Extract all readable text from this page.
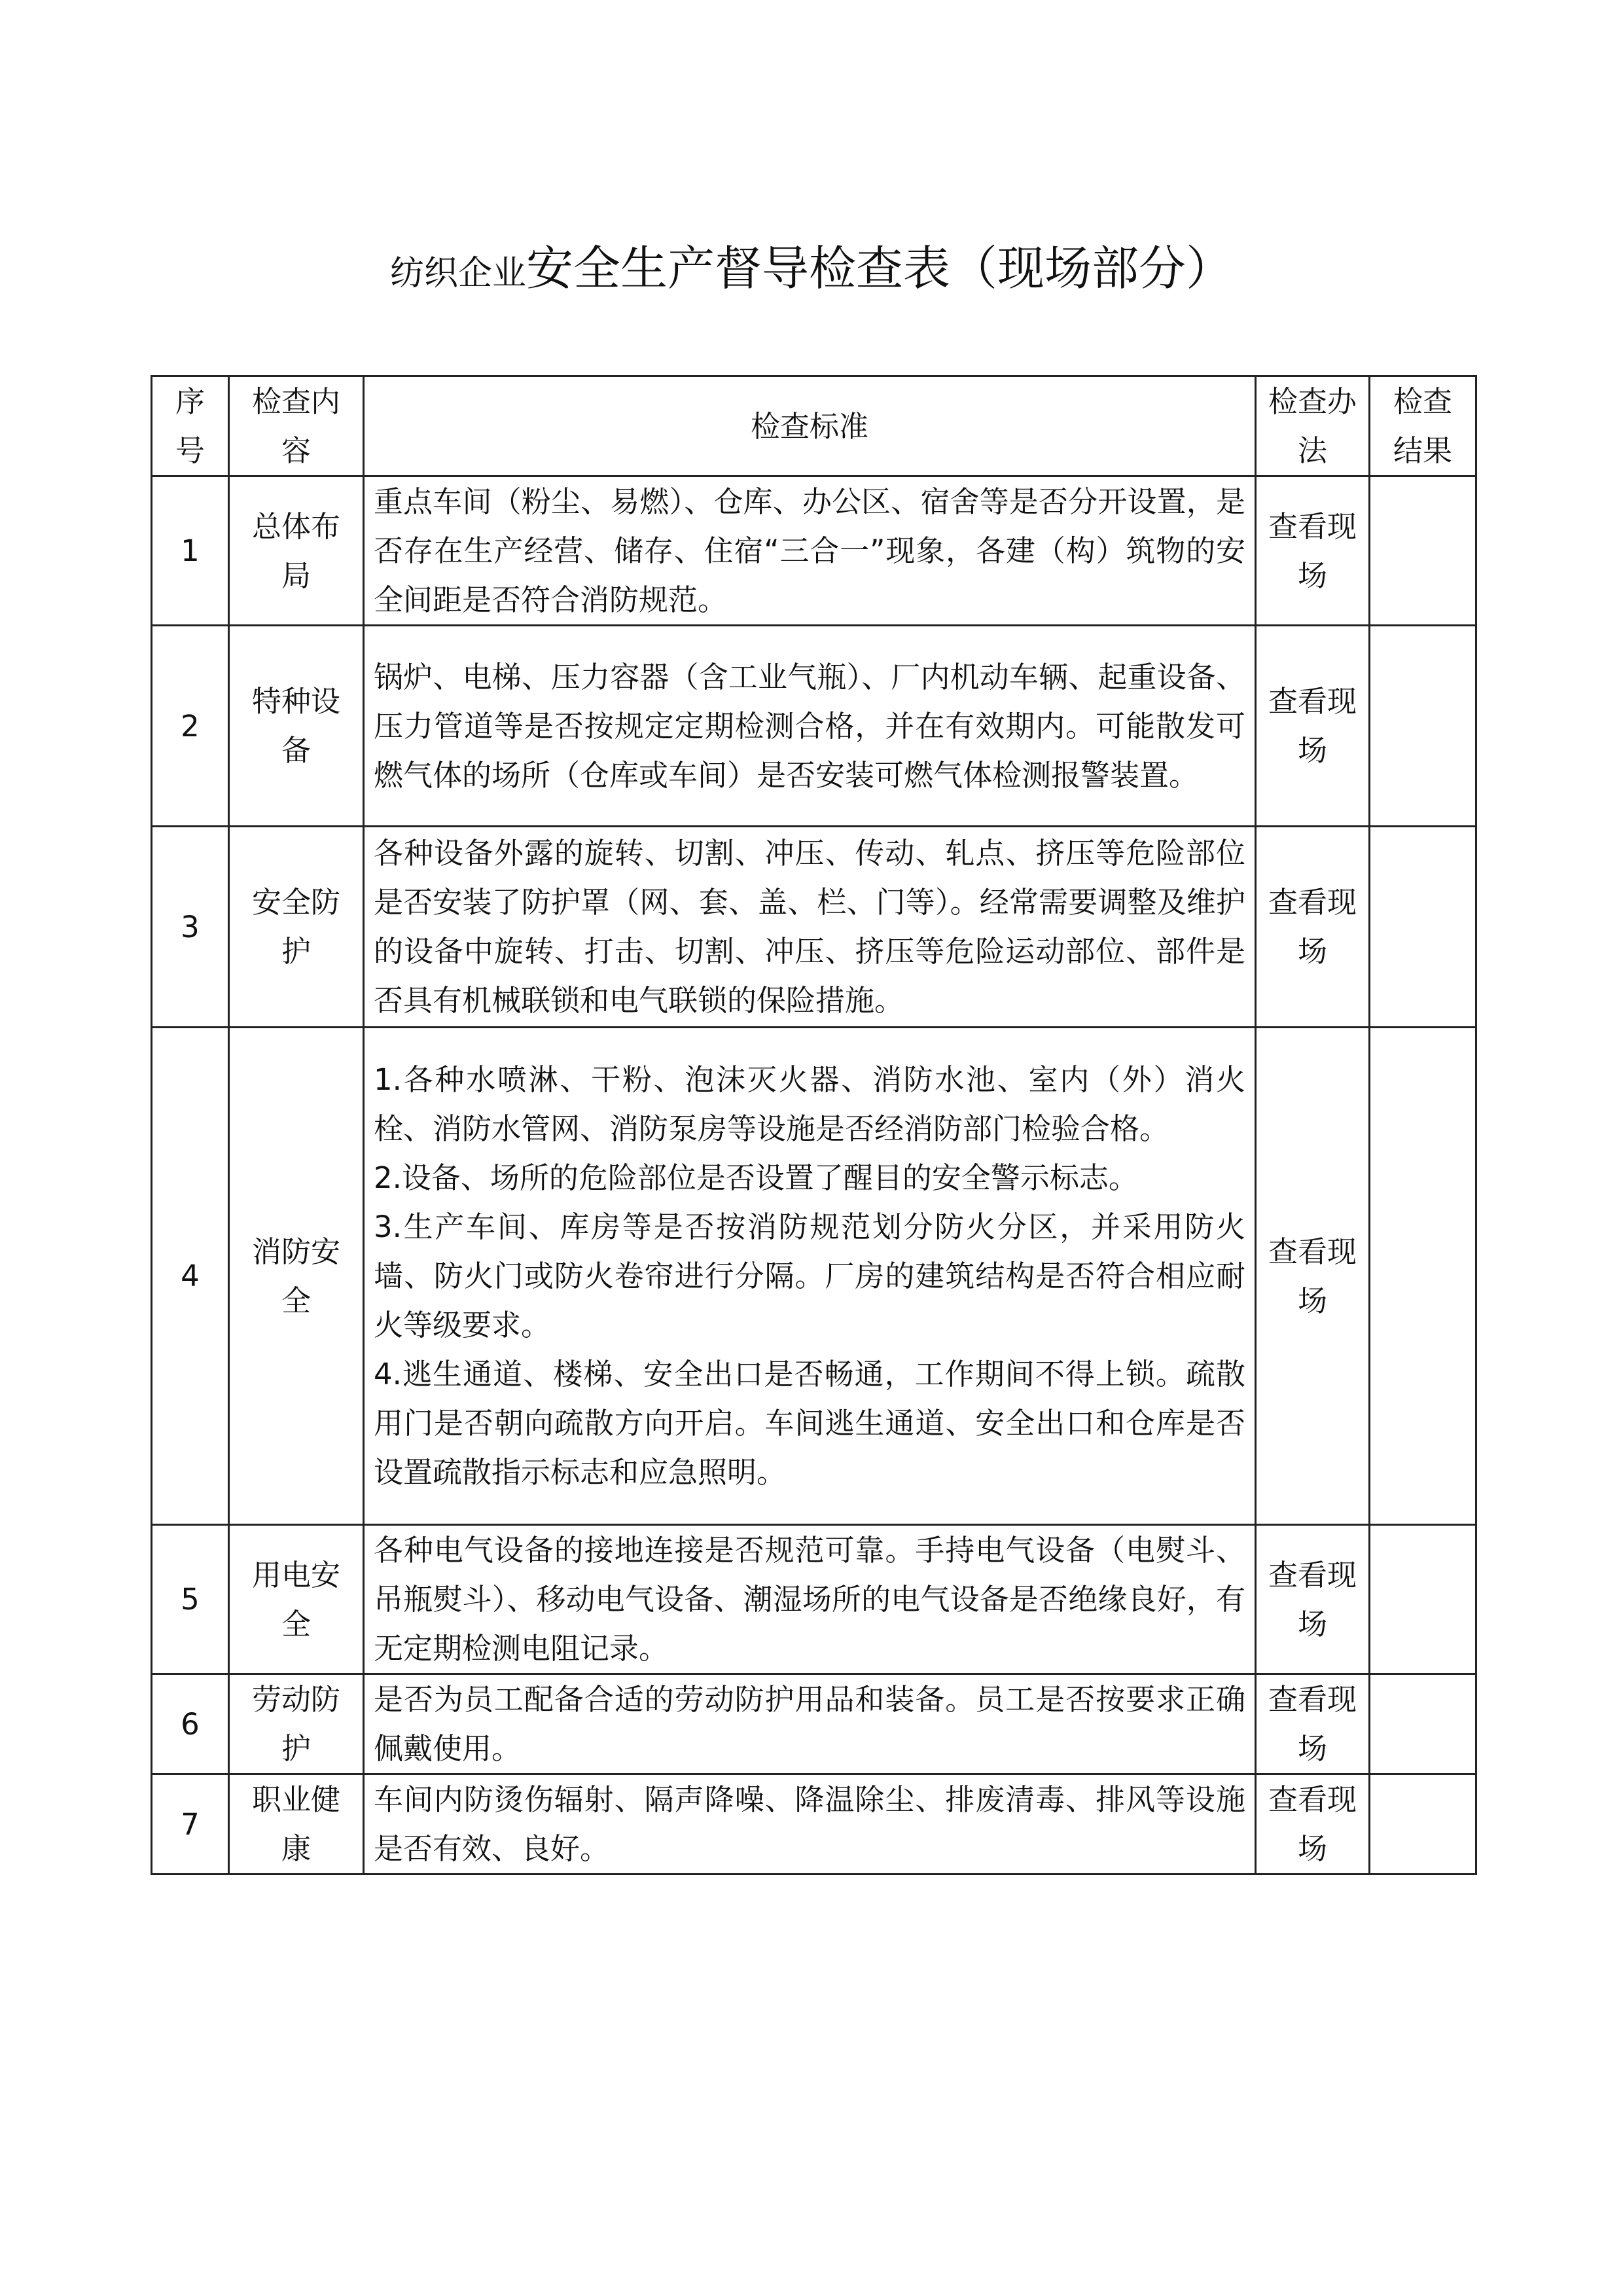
纺织企业安全生产督导检查表（现场部分）
序号	检查内容	检查标准	检查办法	检查结果
1	总体布局	重点车间（粉尘、易燃）、仓库、办公区、宿舍等是否分开设置，是否存在生产经营、储存、住宿“三合一”现象，各建（构）筑物的安全间距是否符合消防规范。	查看现场	
2	特种设备	锅炉、电梯、压力容器（含工业气瓶）、厂内机动车辆、起重设备、压力管道等是否按规定定期检测合格，并在有效期内。可能散发可燃气体的场所（仓库或车间）是否安装可燃气体检测报警装置。	查看现场	
3	安全防护	各种设备外露的旋转、切割、冲压、传动、轧点、挤压等危险部位是否安装了防护罩（网、套、盖、栏、门等）。经常需要调整及维护的设备中旋转、打击、切割、冲压、挤压等危险运动部位、部件是否具有机械联锁和电气联锁的保险措施。	查看现场	
4	消防安全	1.各种水喷淋、干粉、泡沫灭火器、消防水池、室内（外）消火栓、消防水管网、消防泵房等设施是否经消防部门检验合格。
2.设备、场所的危险部位是否设置了醒目的安全警示标志。
3.生产车间、库房等是否按消防规范划分防火分区，并采用防火墙、防火门或防火卷帘进行分隔。厂房的建筑结构是否符合相应耐火等级要求。
4.逃生通道、楼梯、安全出口是否畅通，工作期间不得上锁。疏散用门是否朝向疏散方向开启。车间逃生通道、安全出口和仓库是否设置疏散指示标志和应急照明。	查看现场	
5	用电安全	各种电气设备的接地连接是否规范可靠。手持电气设备（电熨斗、吊瓶熨斗）、移动电气设备、潮湿场所的电气设备是否绝缘良好，有无定期检测电阻记录。	查看现场	
6	劳动防护	是否为员工配备合适的劳动防护用品和装备。员工是否按要求正确佩戴使用。	查看现场	
7	职业健康	车间内防烫伤辐射、隔声降噪、降温除尘、排废清毒、排风等设施是否有效、良好。	查看现场	
